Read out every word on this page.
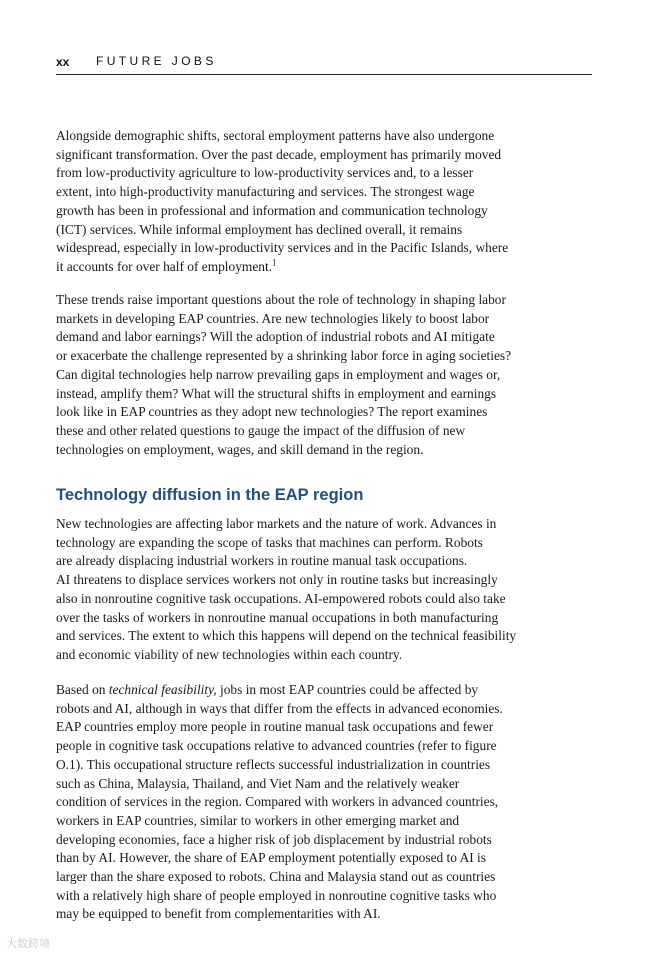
xx FUTURE JOBS

Alongside demographic shifts, sectoral employment patterns have also undergone
significant transformation. Over the past decade, employment has primarily moved
from low-productivity agriculture to low-productivity services and, to a lesser
extent, into high-productivity manufacturing and services. The strongest wage
growth has been in professional and information and communication technology
(ICT) services. While informal employment has declined overall, it remains
widespread, especially in low-productivity services and in the Pacific Islands, where
it accounts for over half of employment.$^1$

These trends raise important questions about the role of technology in shaping labor
markets in developing EAP countries. Are new technologies likely to boost labor
demand and labor earnings? Will the adoption of industrial robots and AI mitigate
or exacerbate the challenge represented by a shrinking labor force in aging societies?
Can digital technologies help narrow prevailing gaps in employment and wages or,
instead, amplify them? What will the structural shifts in employment and earnings
look like in EAP countries as they adopt new technologies? The report examines
these and other related questions to gauge the impact of the diffusion of new
technologies on employment, wages, and skill demand in the region.

New technologies are affecting labor markets and the nature of work. Advances in
technology are expanding the scope of tasks that machines can perform. Robots
are already displacing industrial workers in routine manual task occupations.
AI threatens to displace services workers not only in routine tasks but increasingly
also in nonroutine cognitive task occupations. AI-empowered robots could also take
over the tasks of workers in nonroutine manual occupations in both manufacturing
and services. The extent to which this happens will depend on the technical feasibility
and economic viability of new technologies within each country.

Based on technical feasibility, jobs in most EAP countries could be affected by
robots and AI, although in ways that differ from the effects in advanced economies.
EAP countries employ more people in routine manual task occupations and fewer
people in cognitive task occupations relative to advanced countries (refer to figure
O.1). This occupational structure reflects successful industrialization in countries
such as China, Malaysia, Thailand, and Viet Nam and the relatively weaker
condition of services in the region. Compared with workers in advanced countries,
workers in EAP countries, similar to workers in other emerging market and
developing economies, face a higher risk of job displacement by industrial robots
than by AI. However, the share of EAP employment potentially exposed to AI is
larger than the share exposed to robots. China and Malaysia stand out as countries
with a relatively high share of people employed in nonroutine cognitive tasks who
may be equipped to benefit from complementarities with AI.

Technology diffusion in the EAP region
大数跨境
